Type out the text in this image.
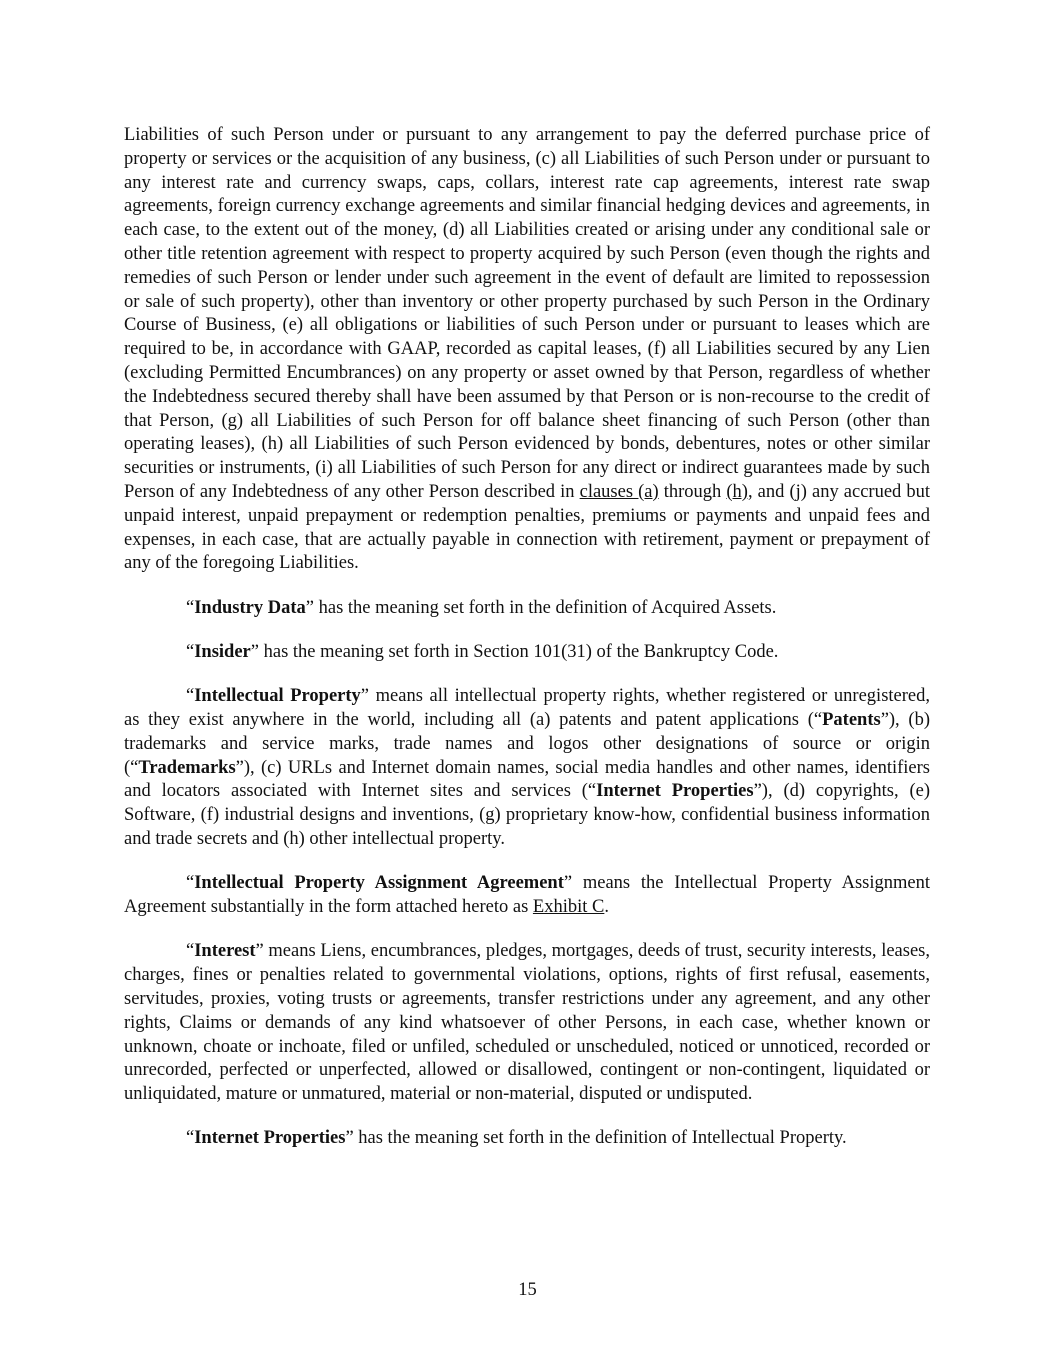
Liabilities of such Person under or pursuant to any arrangement to pay the deferred purchase price of property or services or the acquisition of any business, (c) all Liabilities of such Person under or pursuant to any interest rate and currency swaps, caps, collars, interest rate cap agreements, interest rate swap agreements, foreign currency exchange agreements and similar financial hedging devices and agreements, in each case, to the extent out of the money, (d) all Liabilities created or arising under any conditional sale or other title retention agreement with respect to property acquired by such Person (even though the rights and remedies of such Person or lender under such agreement in the event of default are limited to repossession or sale of such property), other than inventory or other property purchased by such Person in the Ordinary Course of Business, (e) all obligations or liabilities of such Person under or pursuant to leases which are required to be, in accordance with GAAP, recorded as capital leases, (f) all Liabilities secured by any Lien (excluding Permitted Encumbrances) on any property or asset owned by that Person, regardless of whether the Indebtedness secured thereby shall have been assumed by that Person or is non-recourse to the credit of that Person, (g) all Liabilities of such Person for off balance sheet financing of such Person (other than operating leases), (h) all Liabilities of such Person evidenced by bonds, debentures, notes or other similar securities or instruments, (i) all Liabilities of such Person for any direct or indirect guarantees made by such Person of any Indebtedness of any other Person described in clauses (a) through (h), and (j) any accrued but unpaid interest, unpaid prepayment or redemption penalties, premiums or payments and unpaid fees and expenses, in each case, that are actually payable in connection with retirement, payment or prepayment of any of the foregoing Liabilities.

“Industry Data” has the meaning set forth in the definition of Acquired Assets.

“Insider” has the meaning set forth in Section 101(31) of the Bankruptcy Code.

“Intellectual Property” means all intellectual property rights, whether registered or unregistered, as they exist anywhere in the world, including all (a) patents and patent applications (“Patents”), (b) trademarks and service marks, trade names and logos other designations of source or origin (“Trademarks”), (c) URLs and Internet domain names, social media handles and other names, identifiers and locators associated with Internet sites and services (“Internet Properties”), (d) copyrights, (e) Software, (f) industrial designs and inventions, (g) proprietary know-how, confidential business information and trade secrets and (h) other intellectual property.

“Intellectual Property Assignment Agreement” means the Intellectual Property Assignment Agreement substantially in the form attached hereto as Exhibit C.

“Interest” means Liens, encumbrances, pledges, mortgages, deeds of trust, security interests, leases, charges, fines or penalties related to governmental violations, options, rights of first refusal, easements, servitudes, proxies, voting trusts or agreements, transfer restrictions under any agreement, and any other rights, Claims or demands of any kind whatsoever of other Persons, in each case, whether known or unknown, choate or inchoate, filed or unfiled, scheduled or unscheduled, noticed or unnoticed, recorded or unrecorded, perfected or unperfected, allowed or disallowed, contingent or non-contingent, liquidated or unliquidated, mature or unmatured, material or non-material, disputed or undisputed.

“Internet Properties” has the meaning set forth in the definition of Intellectual Property.

15
